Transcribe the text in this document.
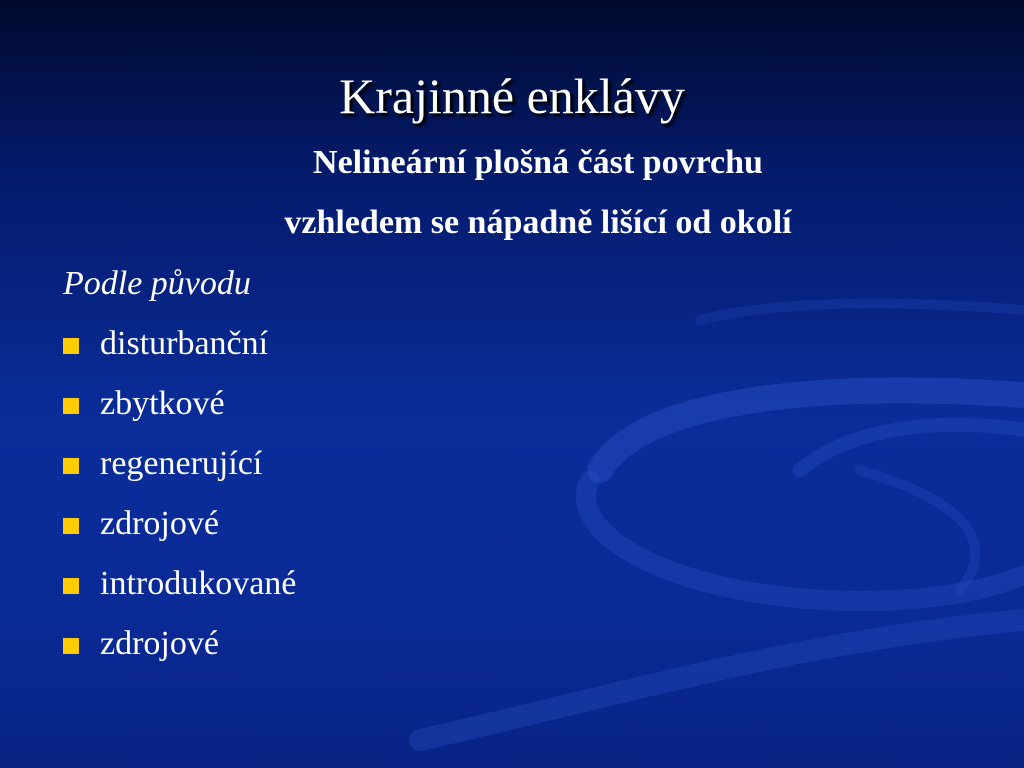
Krajinné enklávy
Nelineární plošná část povrchu
vzhledem se nápadně lišící od okolí
Podle původu
disturbanční
zbytkové
regenerující
zdrojové
introdukované
zdrojové
